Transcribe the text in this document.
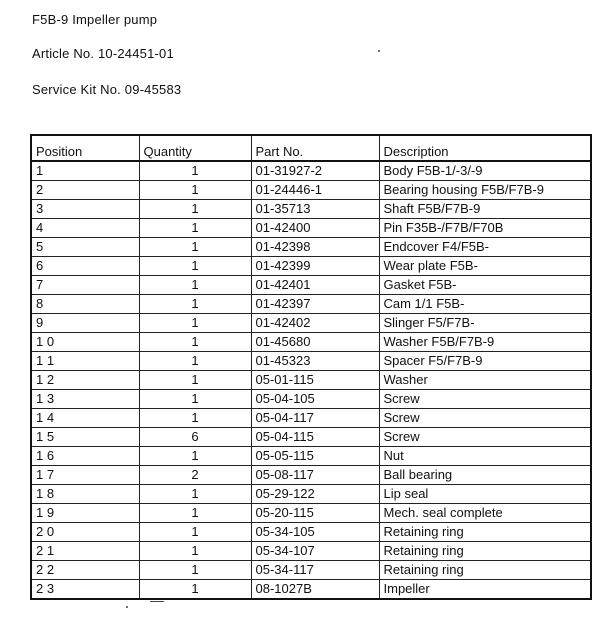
F5B-9 Impeller pump
Article No. 10-24451-01
Service Kit No. 09-45583
Position	Quantity	Part No.	Description
1	1	01-31927-2	Body F5B-1/-3/-9
2	1	01-24446-1	Bearing housing F5B/F7B-9
3	1	01-35713	Shaft F5B/F7B-9
4	1	01-42400	Pin F35B-/F7B/F70B
5	1	01-42398	Endcover F4/F5B-
6	1	01-42399	Wear plate F5B-
7	1	01-42401	Gasket F5B-
8	1	01-42397	Cam 1/1 F5B-
9	1	01-42402	Slinger F5/F7B-
1 0	1	01-45680	Washer F5B/F7B-9
1 1	1	01-45323	Spacer F5/F7B-9
1 2	1	05-01-115	Washer
1 3	1	05-04-105	Screw
1 4	1	05-04-117	Screw
1 5	6	05-04-115	Screw
1 6	1	05-05-115	Nut
1 7	2	05-08-117	Ball bearing
1 8	1	05-29-122	Lip seal
1 9	1	05-20-115	Mech. seal complete
2 0	1	05-34-105	Retaining ring
2 1	1	05-34-107	Retaining ring
2 2	1	05-34-117	Retaining ring
2 3	1	08-1027B	Impeller
